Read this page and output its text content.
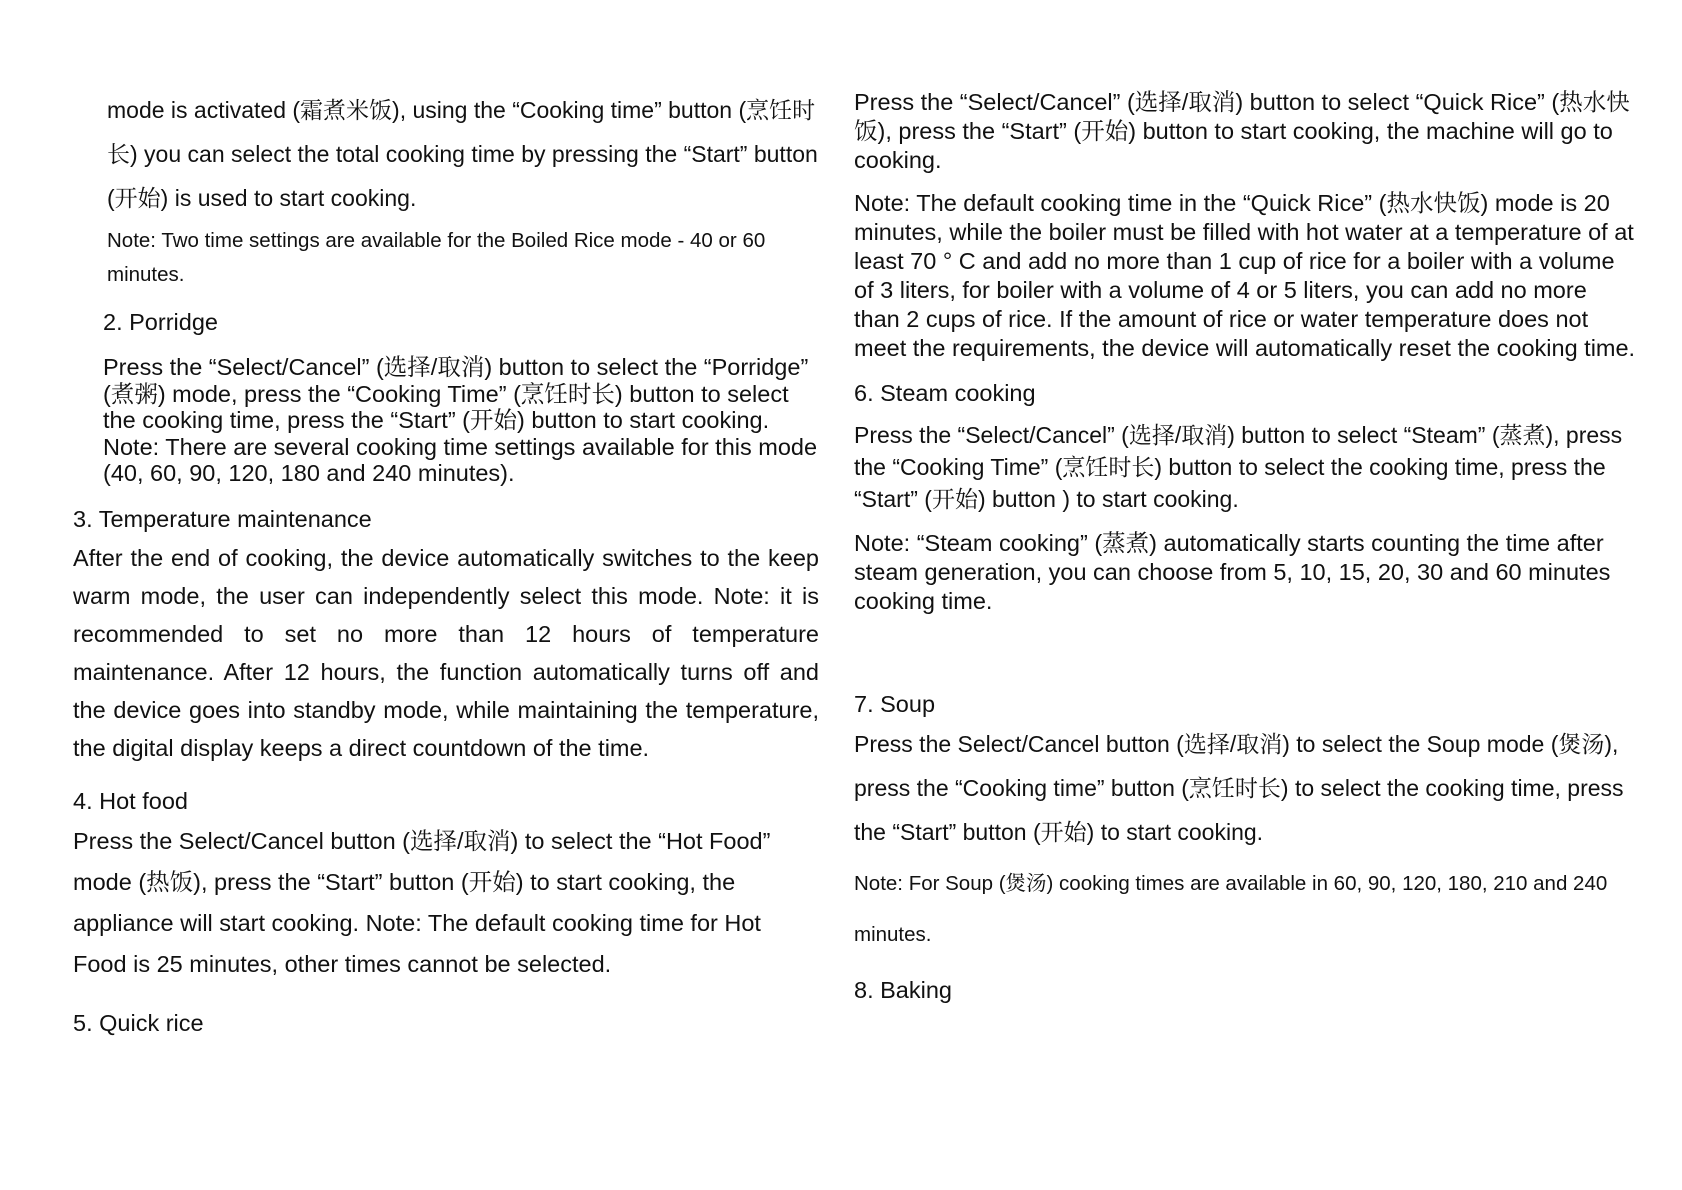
mode is activated (霜煮米饭), using the “Cooking time” button (烹饪时长) you can select the total cooking time by pressing the “Start” button (开始) is used to start cooking.

Note: Two time settings are available for the Boiled Rice mode - 40 or 60 minutes.

2. Porridge

Press the “Select/Cancel” (选择/取消) button to select the “Porridge” (煮粥) mode, press the “Cooking Time” (烹饪时长) button to select the cooking time, press the “Start” (开始) button to start cooking. Note: There are several cooking time settings available for this mode (40, 60, 90, 120, 180 and 240 minutes).

3. Temperature maintenance

After the end of cooking, the device automatically switches to the keep warm mode, the user can independently select this mode. Note: it is recommended to set no more than 12 hours of temperature maintenance. After 12 hours, the function automatically turns off and the device goes into standby mode, while maintaining the temperature, the digital display keeps a direct countdown of the time.

4. Hot food

Press the Select/Cancel button (选择/取消) to select the “Hot Food” mode (热饭), press the “Start” button (开始) to start cooking, the appliance will start cooking. Note: The default cooking time for Hot Food is 25 minutes, other times cannot be selected.

5. Quick rice

Press the “Select/Cancel” (选择/取消) button to select “Quick Rice” (热水快饭), press the “Start” (开始) button to start cooking, the machine will go to cooking.

Note: The default cooking time in the “Quick Rice” (热水快饭) mode is 20 minutes, while the boiler must be filled with hot water at a temperature of at least 70 ° C and add no more than 1 cup of rice for a boiler with a volume of 3 liters, for boiler with a volume of 4 or 5 liters, you can add no more than 2 cups of rice. If the amount of rice or water temperature does not meet the requirements, the device will automatically reset the cooking time.

6. Steam cooking

Press the “Select/Cancel” (选择/取消) button to select “Steam” (蒸煮), press the “Cooking Time” (烹饪时长) button to select the cooking time, press the “Start” (开始) button ) to start cooking.

Note: “Steam cooking” (蒸煮) automatically starts counting the time after steam generation, you can choose from 5, 10, 15, 20, 30 and 60 minutes cooking time.

7. Soup

Press the Select/Cancel button (选择/取消) to select the Soup mode (煲汤), press the “Cooking time” button (烹饪时长) to select the cooking time, press the “Start” button (开始) to start cooking.

Note: For Soup (煲汤) cooking times are available in 60, 90, 120, 180, 210 and 240 minutes.

8. Baking
